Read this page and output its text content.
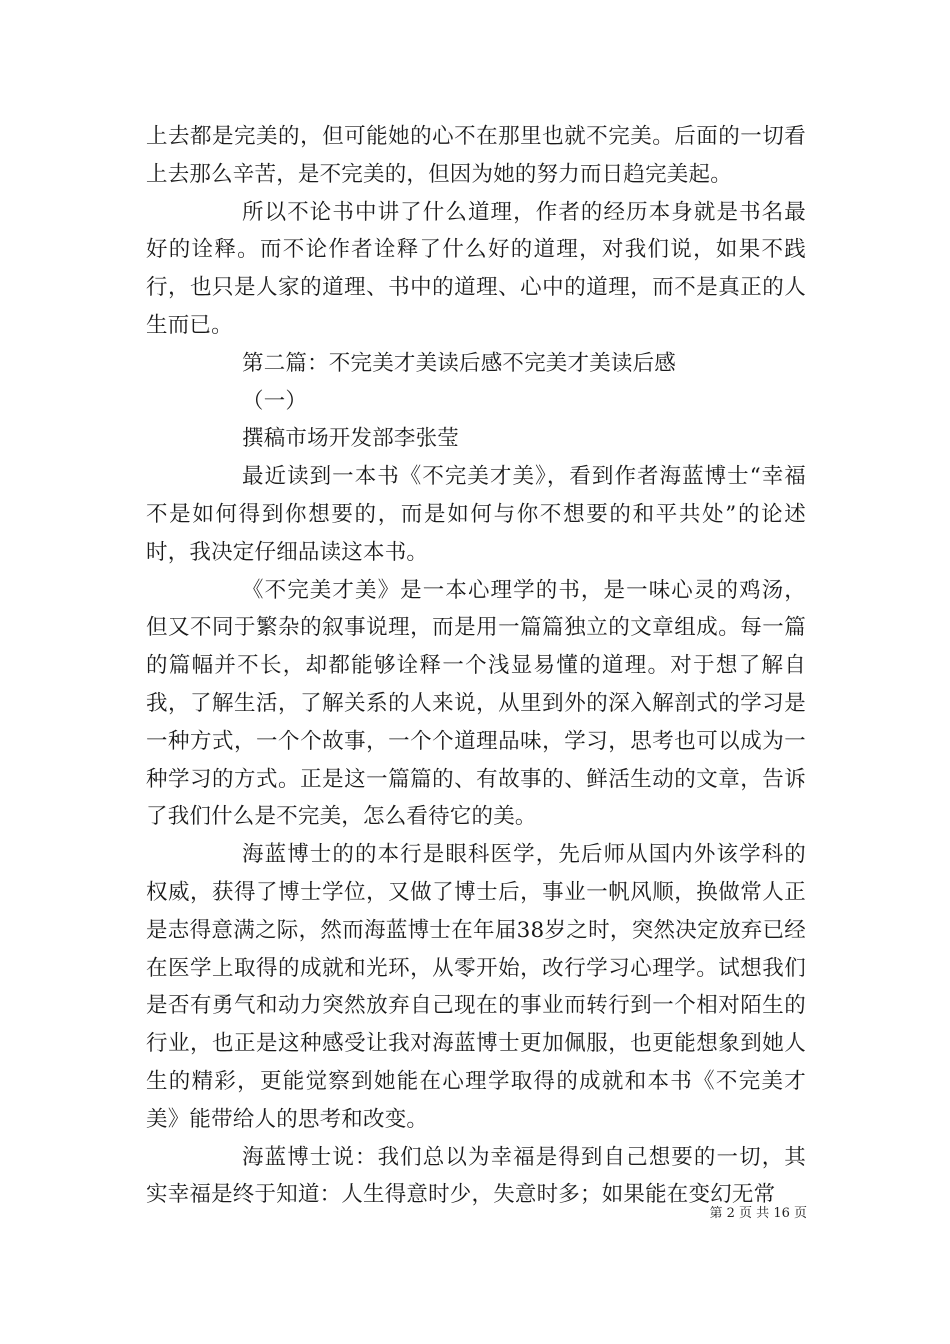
上去都是完美的，但可能她的心不在那里也就不完美。后面的一切看上去那么辛苦，是不完美的，但因为她的努力而日趋完美起。

所以不论书中讲了什么道理，作者的经历本身就是书名最好的诠释。而不论作者诠释了什么好的道理，对我们说，如果不践行，也只是人家的道理、书中的道理、心中的道理，而不是真正的人生而已。

第二篇：不完美才美读后感不完美才美读后感

（一）

撰稿市场开发部李张莹

最近读到一本书《不完美才美》，看到作者海蓝博士“幸福不是如何得到你想要的，而是如何与你不想要的和平共处”的论述时，我决定仔细品读这本书。

《不完美才美》是一本心理学的书，是一味心灵的鸡汤，但又不同于繁杂的叙事说理，而是用一篇篇独立的文章组成。每一篇的篇幅并不长，却都能够诠释一个浅显易懂的道理。对于想了解自我，了解生活，了解关系的人来说，从里到外的深入解剖式的学习是一种方式，一个个故事，一个个道理品味，学习，思考也可以成为一种学习的方式。正是这一篇篇的、有故事的、鲜活生动的文章，告诉了我们什么是不完美，怎么看待它的美。

海蓝博士的的本行是眼科医学，先后师从国内外该学科的权威，获得了博士学位，又做了博士后，事业一帆风顺，换做常人正是志得意满之际，然而海蓝博士在年届38岁之时，突然决定放弃已经在医学上取得的成就和光环，从零开始，改行学习心理学。试想我们是否有勇气和动力突然放弃自己现在的事业而转行到一个相对陌生的行业，也正是这种感受让我对海蓝博士更加佩服，也更能想象到她人生的精彩，更能觉察到她能在心理学取得的成就和本书《不完美才美》能带给人的思考和改变。

海蓝博士说：我们总以为幸福是得到自己想要的一切，其实幸福是终于知道：人生得意时少，失意时多；如果能在变幻无常

第 2 页 共 16 页
